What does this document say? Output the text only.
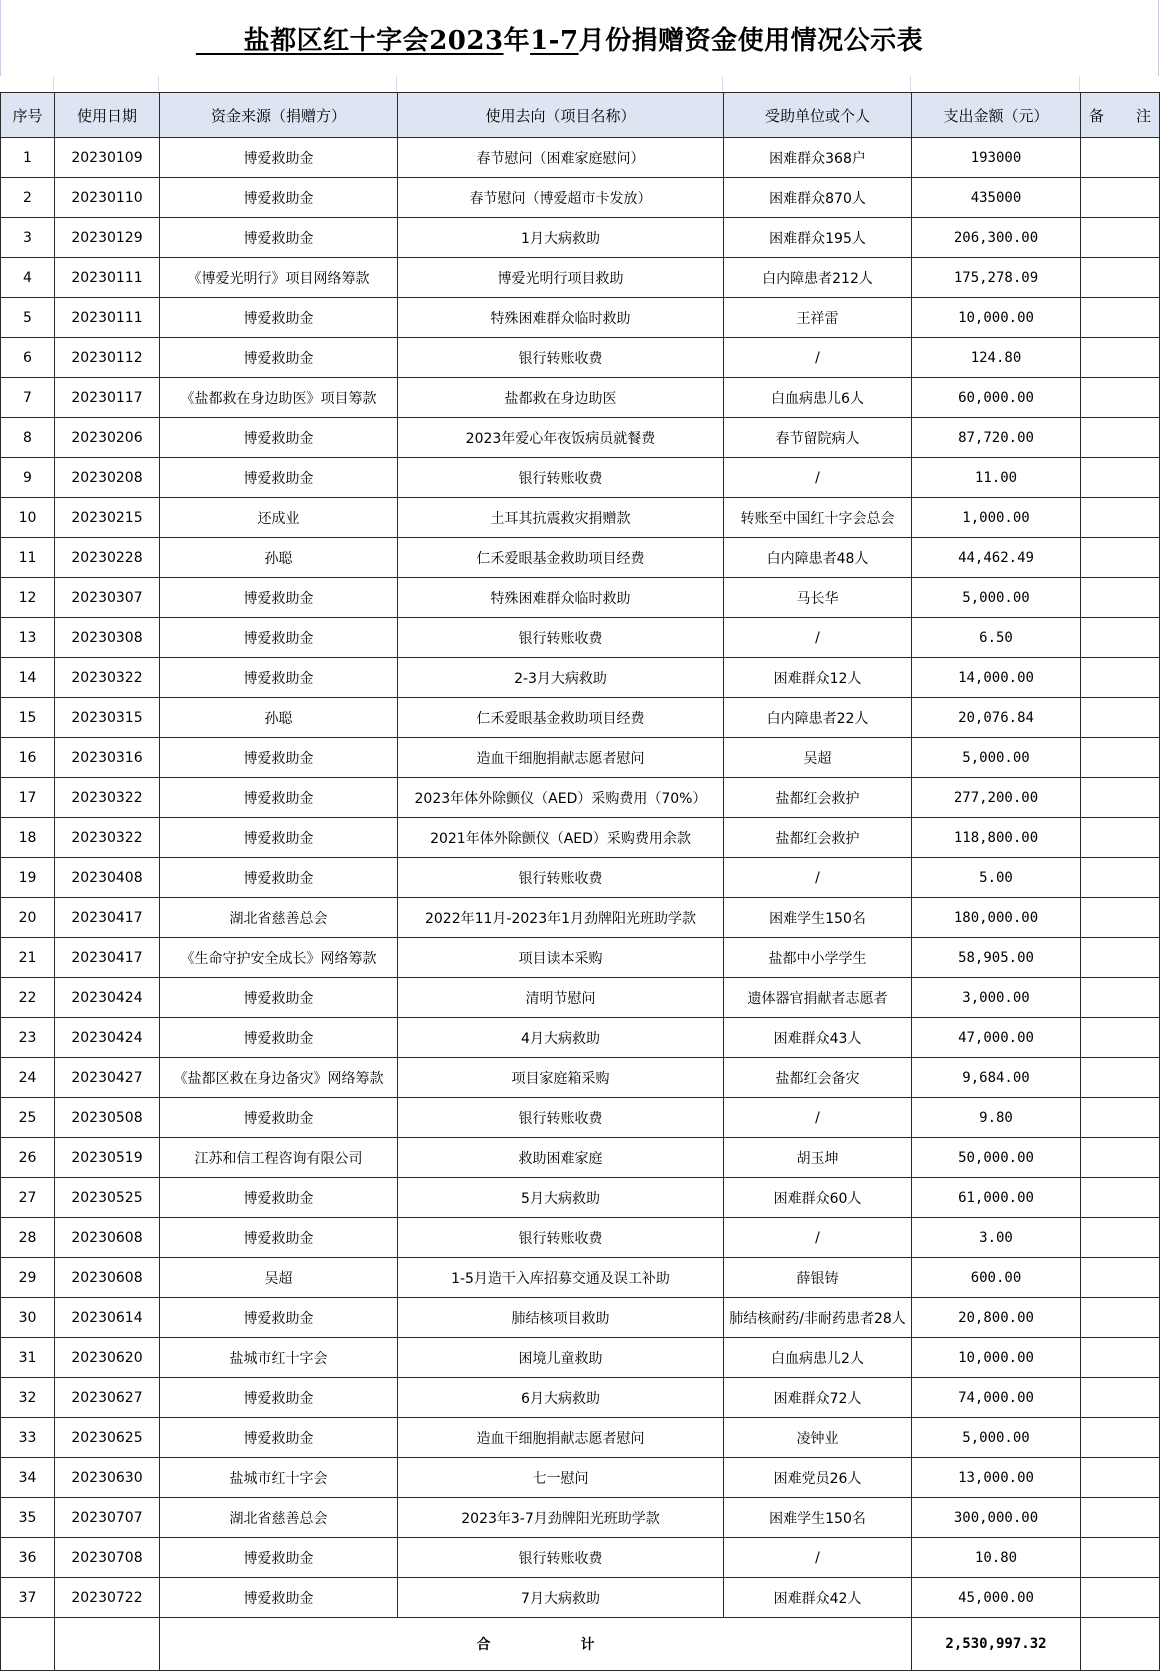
盐都区红十字会2023年1-7月份捐赠资金使用情况公示表
序号	使用日期	资金来源（捐赠方）	使用去向（项目名称）	受助单位或个人	支出金额（元）	备 注
1	20230109	博爱救助金	春节慰问（困难家庭慰问）	困难群众368户	193000	
2	20230110	博爱救助金	春节慰问（博爱超市卡发放）	困难群众870人	435000	
3	20230129	博爱救助金	1月大病救助	困难群众195人	206,300.00	
4	20230111	《博爱光明行》项目网络筹款	博爱光明行项目救助	白内障患者212人	175,278.09	
5	20230111	博爱救助金	特殊困难群众临时救助	王祥雷	10,000.00	
6	20230112	博爱救助金	银行转账收费	/	124.80	
7	20230117	《盐都救在身边助医》项目筹款	盐都救在身边助医	白血病患儿6人	60,000.00	
8	20230206	博爱救助金	2023年爱心年夜饭病员就餐费	春节留院病人	87,720.00	
9	20230208	博爱救助金	银行转账收费	/	11.00	
10	20230215	还成业	土耳其抗震救灾捐赠款	转账至中国红十字会总会	1,000.00	
11	20230228	孙聪	仁禾爱眼基金救助项目经费	白内障患者48人	44,462.49	
12	20230307	博爱救助金	特殊困难群众临时救助	马长华	5,000.00	
13	20230308	博爱救助金	银行转账收费	/	6.50	
14	20230322	博爱救助金	2-3月大病救助	困难群众12人	14,000.00	
15	20230315	孙聪	仁禾爱眼基金救助项目经费	白内障患者22人	20,076.84	
16	20230316	博爱救助金	造血干细胞捐献志愿者慰问	吴超	5,000.00	
17	20230322	博爱救助金	2023年体外除颤仪（AED）采购费用（70%）	盐都红会救护	277,200.00	
18	20230322	博爱救助金	2021年体外除颤仪（AED）采购费用余款	盐都红会救护	118,800.00	
19	20230408	博爱救助金	银行转账收费	/	5.00	
20	20230417	湖北省慈善总会	2022年11月-2023年1月劲牌阳光班助学款	困难学生150名	180,000.00	
21	20230417	《生命守护安全成长》网络筹款	项目读本采购	盐都中小学学生	58,905.00	
22	20230424	博爱救助金	清明节慰问	遗体器官捐献者志愿者	3,000.00	
23	20230424	博爱救助金	4月大病救助	困难群众43人	47,000.00	
24	20230427	《盐都区救在身边备灾》网络筹款	项目家庭箱采购	盐都红会备灾	9,684.00	
25	20230508	博爱救助金	银行转账收费	/	9.80	
26	20230519	江苏和信工程咨询有限公司	救助困难家庭	胡玉坤	50,000.00	
27	20230525	博爱救助金	5月大病救助	困难群众60人	61,000.00	
28	20230608	博爱救助金	银行转账收费	/	3.00	
29	20230608	吴超	1-5月造干入库招募交通及误工补助	薛银铸	600.00	
30	20230614	博爱救助金	肺结核项目救助	肺结核耐药/非耐药患者28人	20,800.00	
31	20230620	盐城市红十字会	困境儿童救助	白血病患儿2人	10,000.00	
32	20230627	博爱救助金	6月大病救助	困难群众72人	74,000.00	
33	20230625	博爱救助金	造血干细胞捐献志愿者慰问	凌钟业	5,000.00	
34	20230630	盐城市红十字会	七一慰问	困难党员26人	13,000.00	
35	20230707	湖北省慈善总会	2023年3-7月劲牌阳光班助学款	困难学生150名	300,000.00	
36	20230708	博爱救助金	银行转账收费	/	10.80	
37	20230722	博爱救助金	7月大病救助	困难群众42人	45,000.00	
		合 计			2,530,997.32	
